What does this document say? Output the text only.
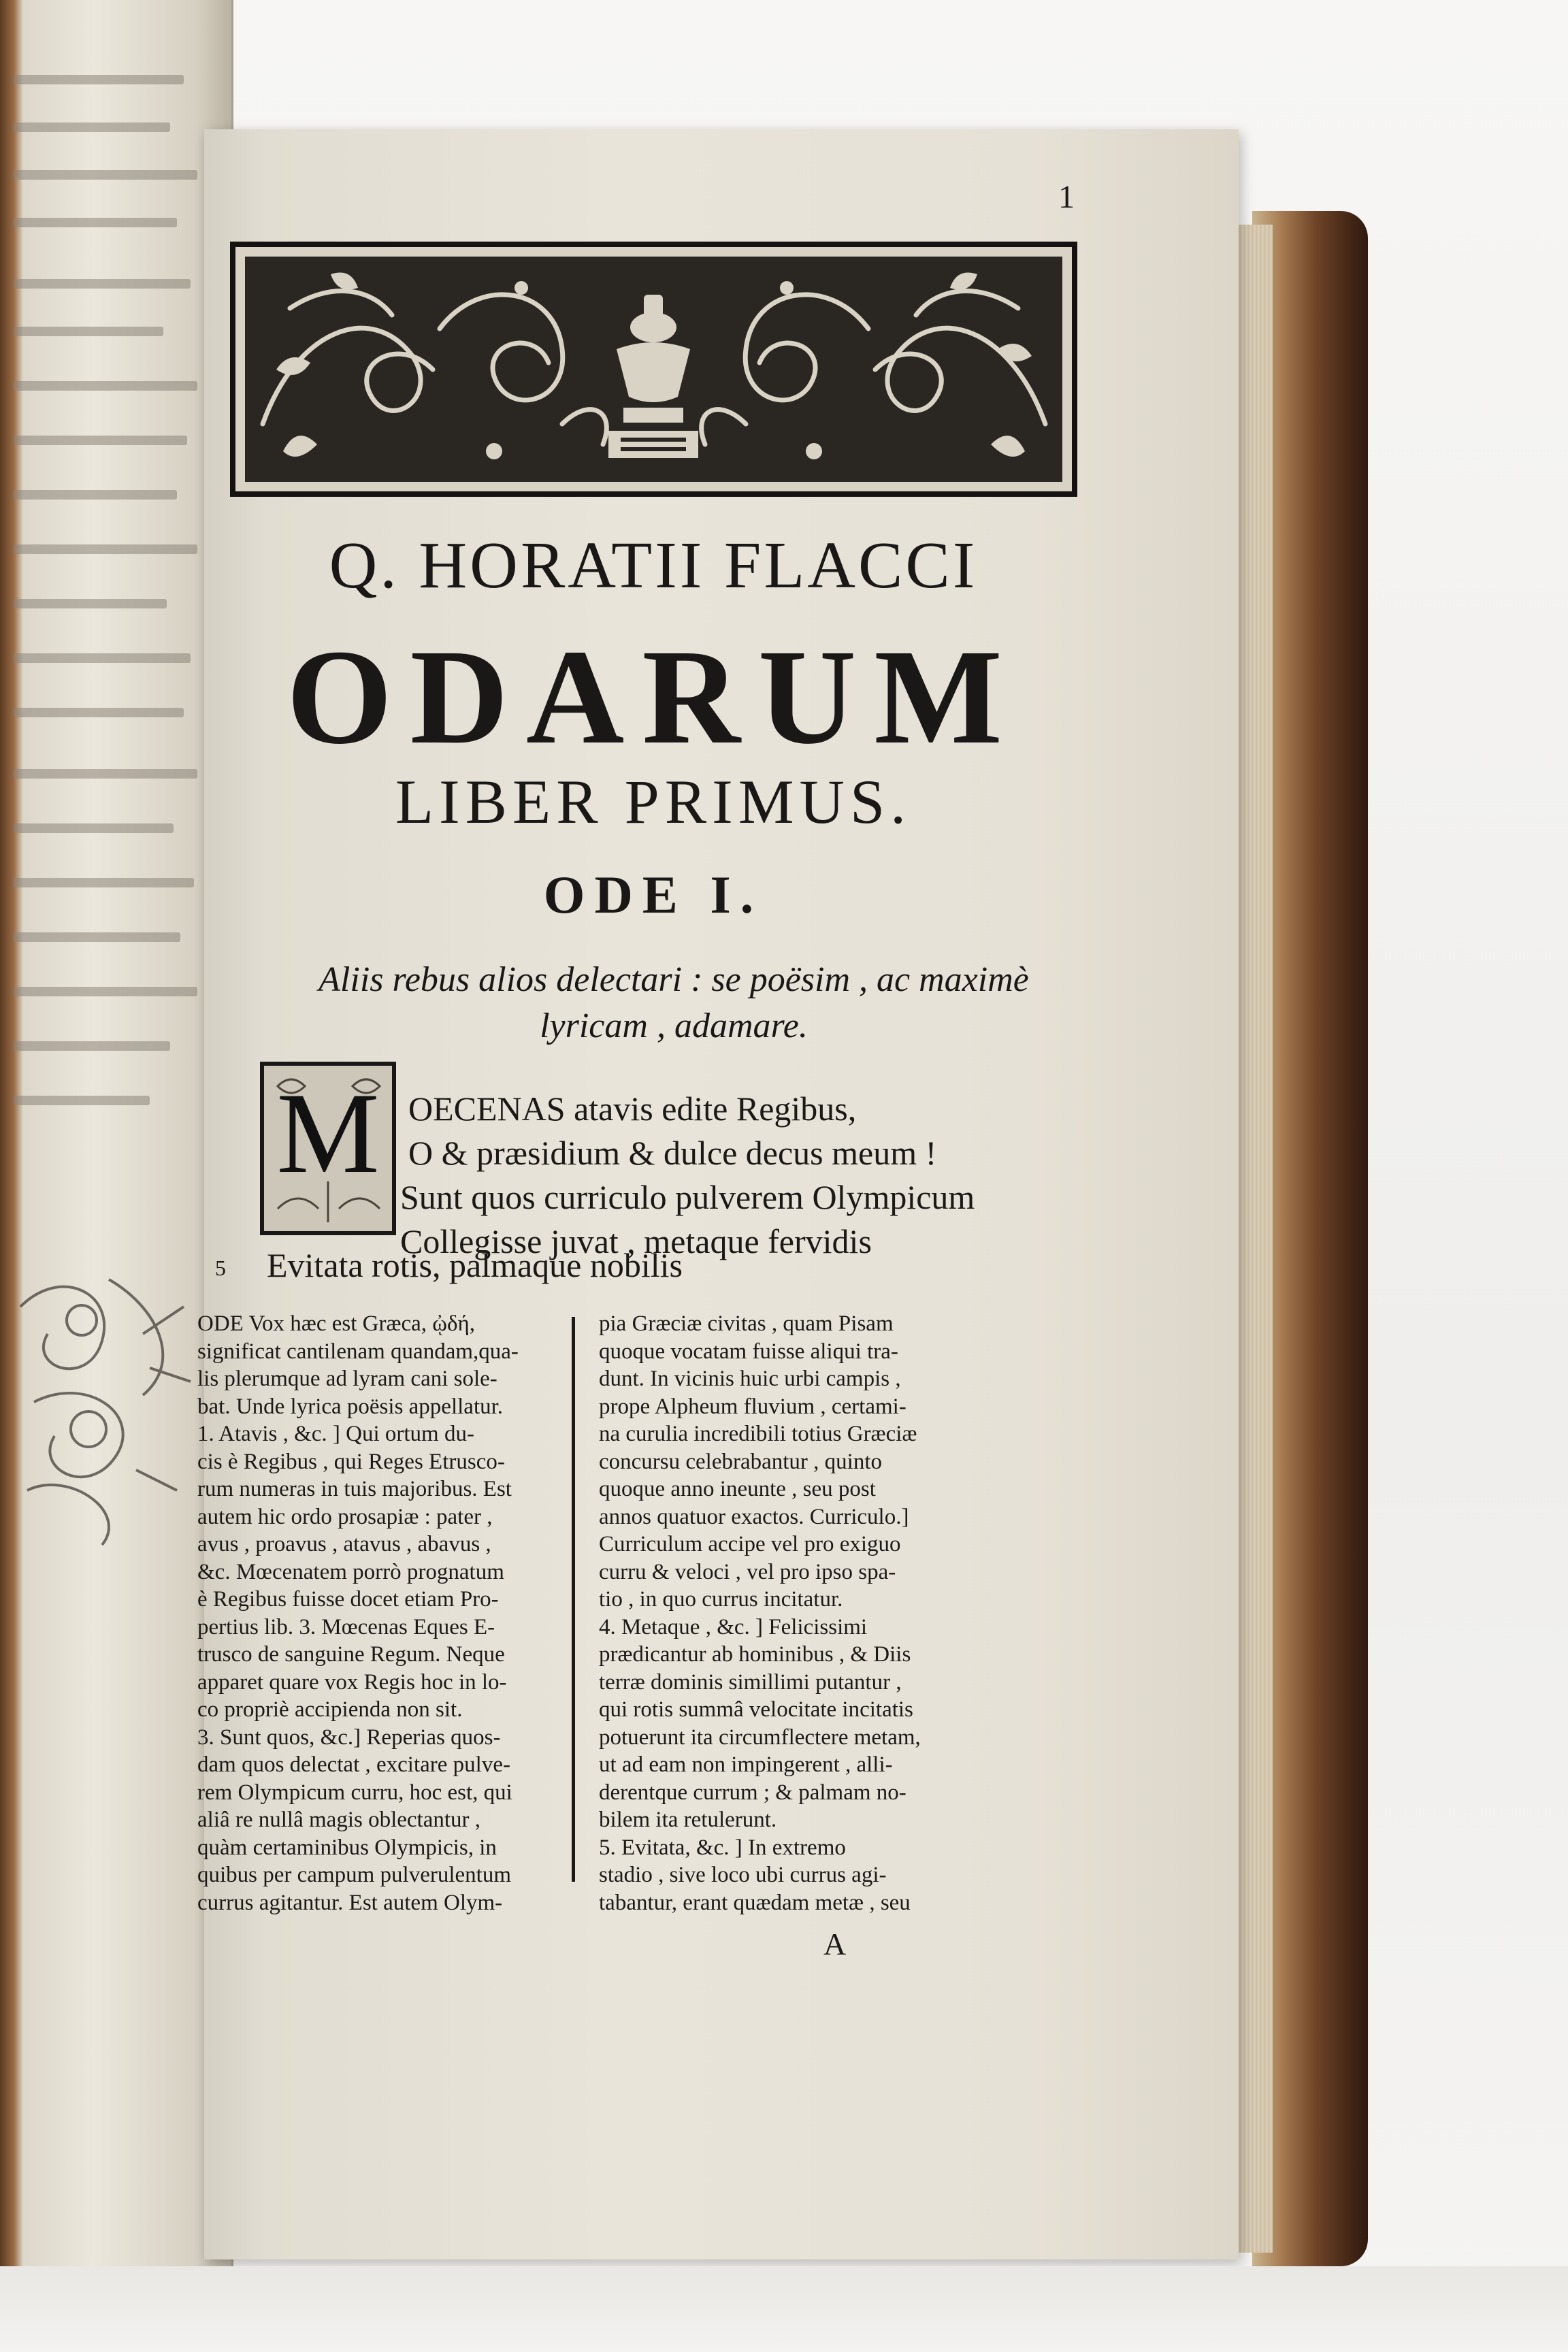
1
Q. HORATII FLACCI
ODARUM
LIBER PRIMUS.
ODE I.
Aliis rebus alios delectari : se poësim , ac maximè
lyricam , adamare.
M OECENAS atavis edite Regibus,
O & præsidium & dulce decus meum !
Sunt quos curriculo pulverem Olympicum
Collegisse juvat , metaque fervidis
5 Evitata rotis, palmaque nobilis
ODE Vox hæc est Græca, ᾠδή,
significat cantilenam quandam,qua-
lis plerumque ad lyram cani sole-
bat. Unde lyrica poësis appellatur.
1. Atavis , &c. ] Qui ortum du-
cis è Regibus , qui Reges Etrusco-
rum numeras in tuis majoribus. Est
autem hic ordo prosapiæ : pater ,
avus , proavus , atavus , abavus ,
&c. Mœcenatem porrò prognatum
è Regibus fuisse docet etiam Pro-
pertius lib. 3. Mœcenas Eques E-
trusco de sanguine Regum. Neque
apparet quare vox Regis hoc in lo-
co propriè accipienda non sit.
3. Sunt quos, &c.] Reperias quos-
dam quos delectat , excitare pulve-
rem Olympicum curru, hoc est, qui
aliâ re nullâ magis oblectantur ,
quàm certaminibus Olympicis, in
quibus per campum pulverulentum
currus agitantur. Est autem Olym-
pia Græciæ civitas , quam Pisam
quoque vocatam fuisse aliqui tra-
dunt. In vicinis huic urbi campis ,
prope Alpheum fluvium , certami-
na curulia incredibili totius Græciæ
concursu celebrabantur , quinto
quoque anno ineunte , seu post
annos quatuor exactos. Curriculo.]
Curriculum accipe vel pro exiguo
curru & veloci , vel pro ipso spa-
tio , in quo currus incitatur.
4. Metaque , &c. ] Felicissimi
prædicantur ab hominibus , & Diis
terræ dominis simillimi putantur ,
qui rotis summâ velocitate incitatis
potuerunt ita circumflectere metam,
ut ad eam non impingerent , alli-
derentque currum ; & palmam no-
bilem ita retulerunt.
5. Evitata, &c. ] In extremo
stadio , sive loco ubi currus agi-
tabantur, erant quædam metæ , seu
A
